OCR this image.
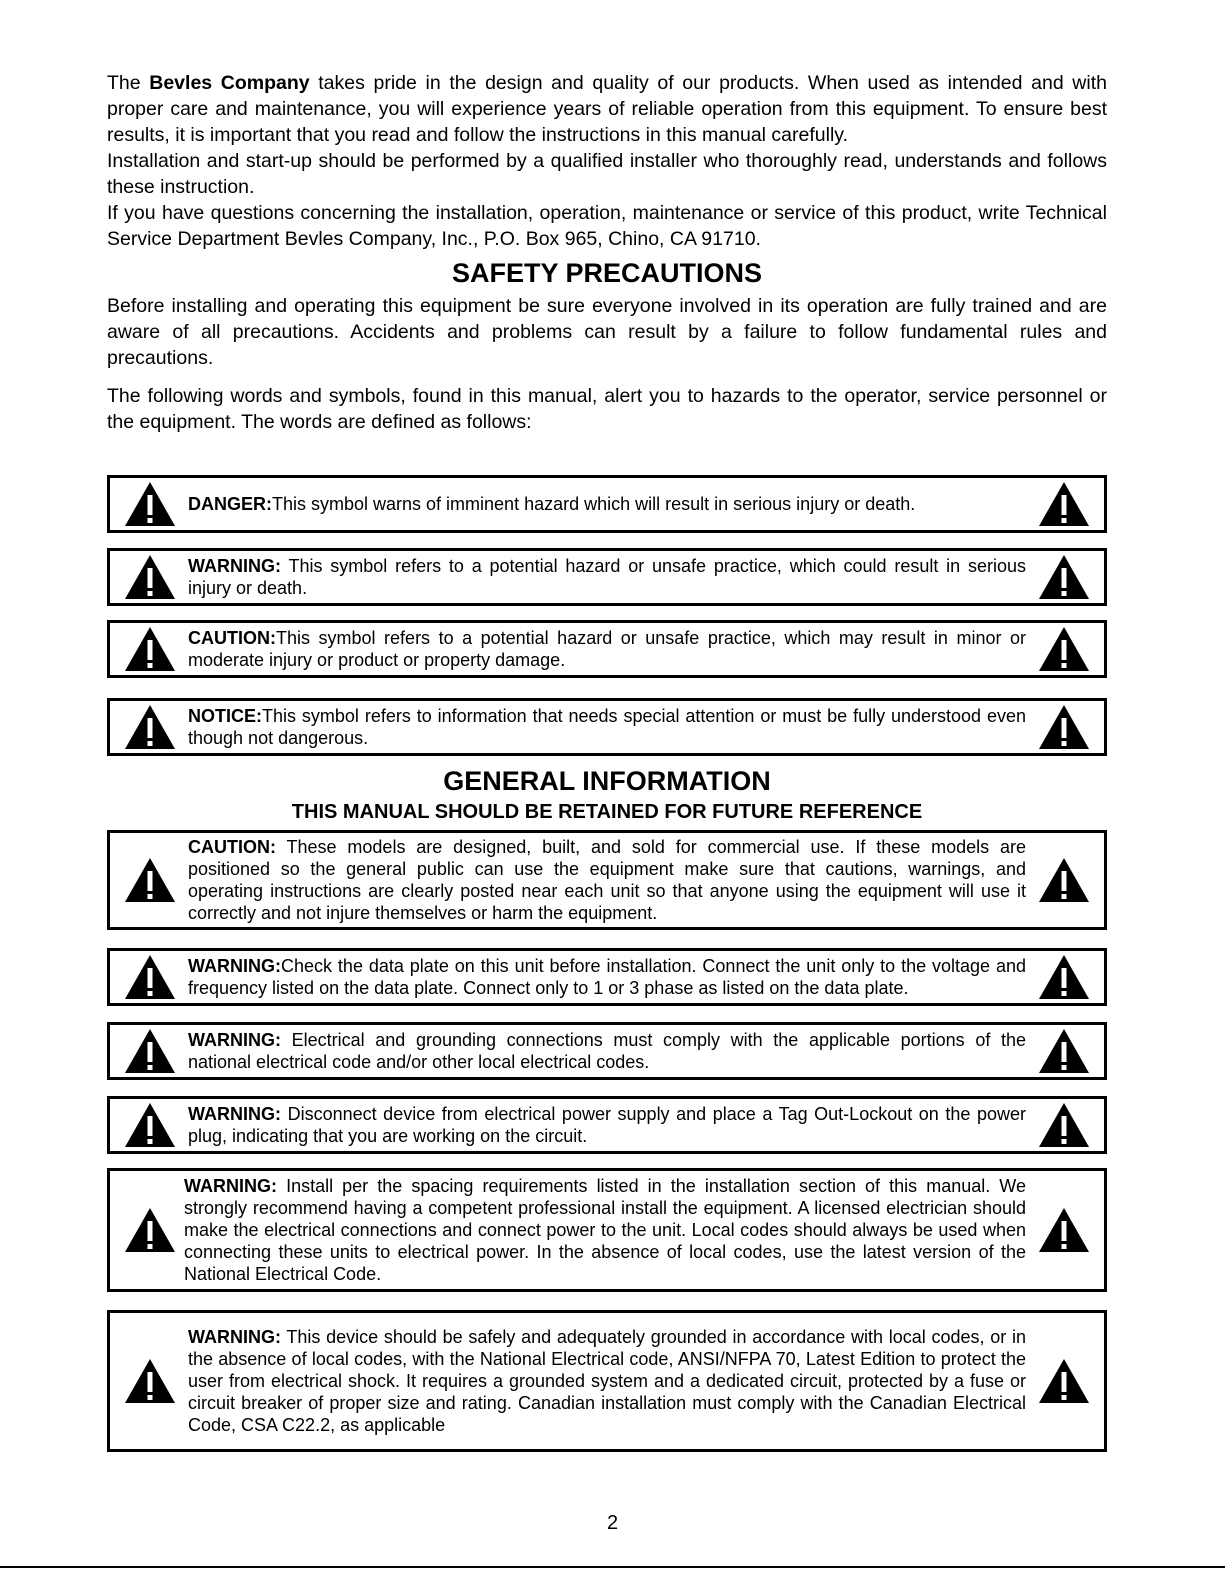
The Bevles Company takes pride in the design and quality of our products. When used as intended and with proper care and maintenance, you will experience years of reliable operation from this equipment. To ensure best results, it is important that you read and follow the instructions in this manual carefully.

Installation and start-up should be performed by a qualified installer who thoroughly read, understands and follows these instruction.

If you have questions concerning the installation, operation, maintenance or service of this product, write Technical Service Department Bevles Company, Inc., P.O. Box 965, Chino, CA 91710.

SAFETY PRECAUTIONS

Before installing and operating this equipment be sure everyone involved in its operation are fully trained and are aware of all precautions. Accidents and problems can result by a failure to follow fundamental rules and precautions.

The following words and symbols, found in this manual, alert you to hazards to the operator, service personnel or the equipment. The words are defined as follows:

DANGER:This symbol warns of imminent hazard which will result in serious injury or death.
WARNING: This symbol refers to a potential hazard or unsafe practice, which could result in serious injury or death.
CAUTION:This symbol refers to a potential hazard or unsafe practice, which may result in minor or moderate injury or product or property damage.
NOTICE:This symbol refers to information that needs special attention or must be fully understood even though not dangerous.
GENERAL INFORMATION
THIS MANUAL SHOULD BE RETAINED FOR FUTURE REFERENCE
CAUTION: These models are designed, built, and sold for commercial use. If these models are positioned so the general public can use the equipment make sure that cautions, warnings, and operating instructions are clearly posted near each unit so that anyone using the equipment will use it correctly and not injure themselves or harm the equipment.
WARNING:Check the data plate on this unit before installation. Connect the unit only to the voltage and frequency listed on the data plate. Connect only to 1 or 3 phase as listed on the data plate.
WARNING: Electrical and grounding connections must comply with the applicable portions of the national electrical code and/or other local electrical codes.
WARNING: Disconnect device from electrical power supply and place a Tag Out-Lockout on the power plug, indicating that you are working on the circuit.
WARNING: Install per the spacing requirements listed in the installation section of this manual. We strongly recommend having a competent professional install the equipment. A licensed electrician should make the electrical connections and connect power to the unit. Local codes should always be used when connecting these units to electrical power. In the absence of local codes, use the latest version of the National Electrical Code.
WARNING: This device should be safely and adequately grounded in accordance with local codes, or in the absence of local codes, with the National Electrical code, ANSI/NFPA 70, Latest Edition to protect the user from electrical shock. It requires a grounded system and a dedicated circuit, protected by a fuse or circuit breaker of proper size and rating. Canadian installation must comply with the Canadian Electrical Code, CSA C22.2, as applicable
2
